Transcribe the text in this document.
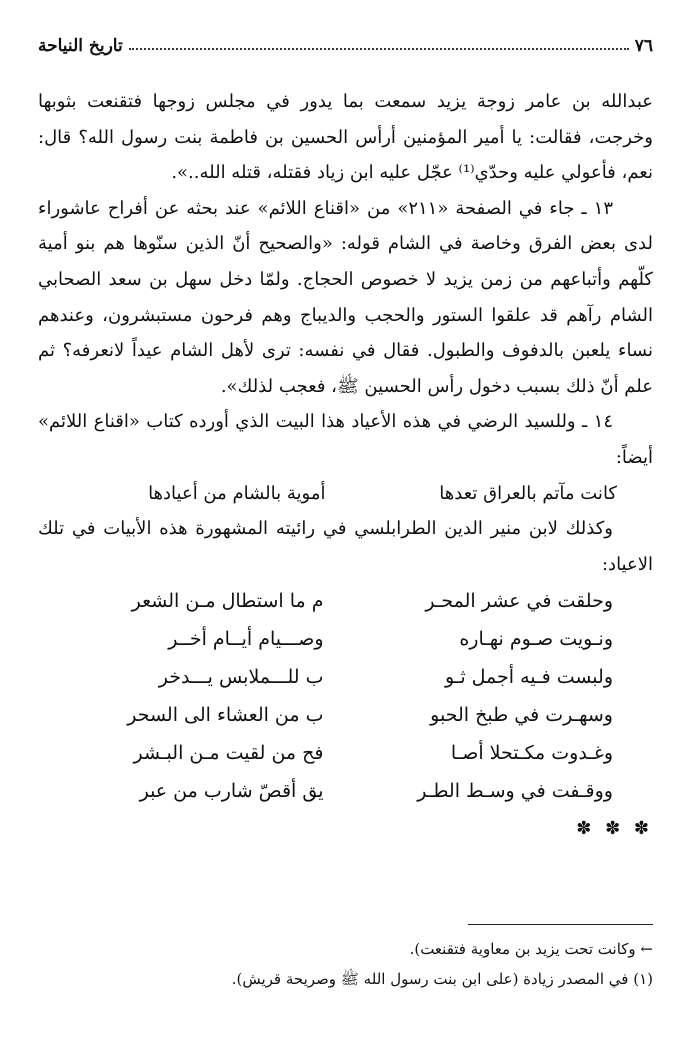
٧٦
تاريخ النياحة

عبدالله بن عامر زوجة يزيد سمعت بما يدور في مجلس زوجها فتقنعت بثوبها وخرجت، فقالت: يا أمير المؤمنين أرأس الحسين بن فاطمة بنت رسول الله؟ قال: نعم، فأعولي عليه وحدّي⁽¹⁾ عجّل عليه ابن زياد فقتله، قتله الله..».

١٣ ـ جاء في الصفحة «٢١١» من «اقناع اللائم» عند بحثه عن أفراح عاشوراء لدى بعض الفرق وخاصة في الشام قوله: «والصحيح أنّ الذين سنّوها هم بنو أمية كلّهم وأتباعهم من زمن يزيد لا خصوص الحجاج. ولمّا دخل سهل بن سعد الصحابي الشام رآهم قد علقوا الستور والحجب والديباج وهم فرحون مستبشرون، وعندهم نساء يلعبن بالدفوف والطبول. فقال في نفسه: ترى لأهل الشام عيداً لانعرفه؟ ثم علم أنّ ذلك بسبب دخول رأس الحسين ﷺ، فعجب لذلك».

١٤ ـ وللسيد الرضي في هذه الأعياد هذا البيت الذي أورده كتاب «اقناع اللائم» أيضاً:

كانت مآتم بالعراق تعدها
أموية بالشام من أعيادها

وكذلك لابن منير الدين الطرابلسي في رائيته المشهورة هذه الأبيات في تلك الاعياد:

وحلقت في عشر المحـر
م ما استطال مـن الشعر
ونـويت صـوم نهـاره
وصـــيام أيــام أخــر
ولبست فـيه أجمل ثـو
ب للـــملابس يـــدخر
وسهـرت في طبخ الحبو
ب من العشاء الى السحر
وغـدوت مكـتحلا أصـا
فح من لقيت مـن البـشر
ووقـفت في وسـط الطـر
يق أقصّ شارب من عبر
✽ ✽ ✽

← وكانت تحت يزيد بن معاوية فتقنعت).

(١) في المصدر زيادة (على ابن بنت رسول الله ﷺ وصريحة قريش).
